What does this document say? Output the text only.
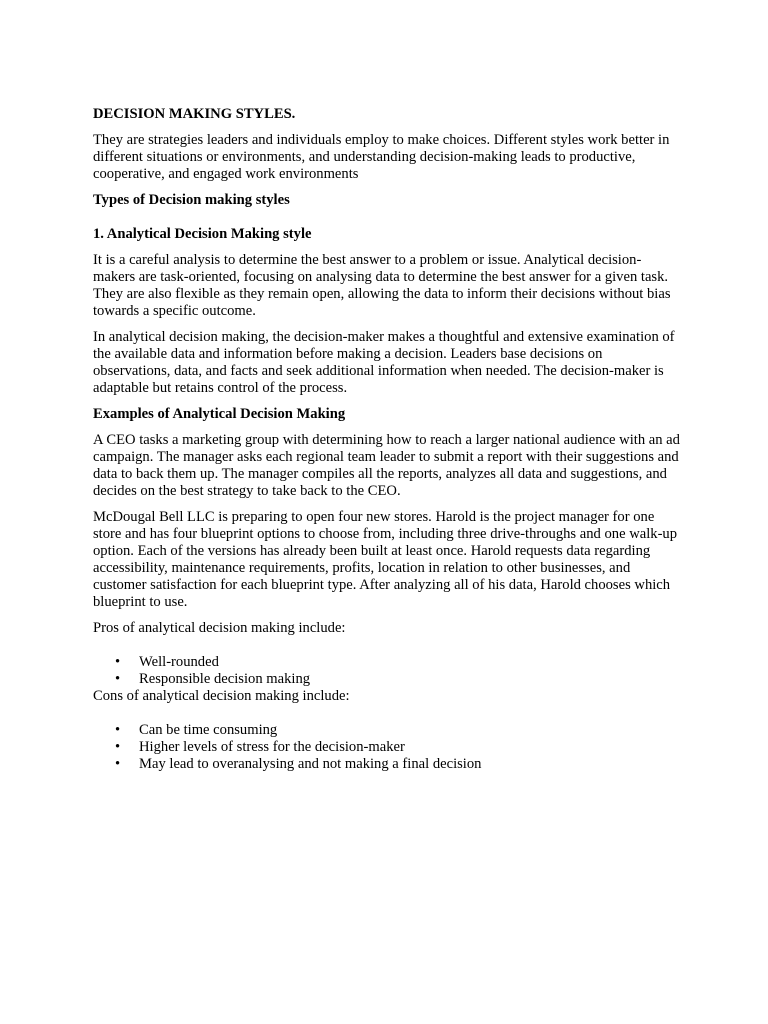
DECISION MAKING STYLES.
They are strategies leaders and individuals employ to make choices. Different styles work better in different situations or environments, and understanding decision-making leads to productive, cooperative, and engaged work environments
Types of Decision making styles
1. Analytical Decision Making style
It is a careful analysis to determine the best answer to a problem or issue. Analytical decision-makers are task-oriented, focusing on analysing data to determine the best answer for a given task. They are also flexible as they remain open, allowing the data to inform their decisions without bias towards a specific outcome.
In analytical decision making, the decision-maker makes a thoughtful and extensive examination of the available data and information before making a decision. Leaders base decisions on observations, data, and facts and seek additional information when needed. The decision-maker is adaptable but retains control of the process.
Examples of Analytical Decision Making
A CEO tasks a marketing group with determining how to reach a larger national audience with an ad campaign. The manager asks each regional team leader to submit a report with their suggestions and data to back them up. The manager compiles all the reports, analyzes all data and suggestions, and decides on the best strategy to take back to the CEO.
McDougal Bell LLC is preparing to open four new stores. Harold is the project manager for one store and has four blueprint options to choose from, including three drive-throughs and one walk-up option. Each of the versions has already been built at least once. Harold requests data regarding accessibility, maintenance requirements, profits, location in relation to other businesses, and customer satisfaction for each blueprint type. After analyzing all of his data, Harold chooses which blueprint to use.
Pros of analytical decision making include:
• Well-rounded
• Responsible decision making
Cons of analytical decision making include:
• Can be time consuming
• Higher levels of stress for the decision-maker
• May lead to overanalysing and not making a final decision
